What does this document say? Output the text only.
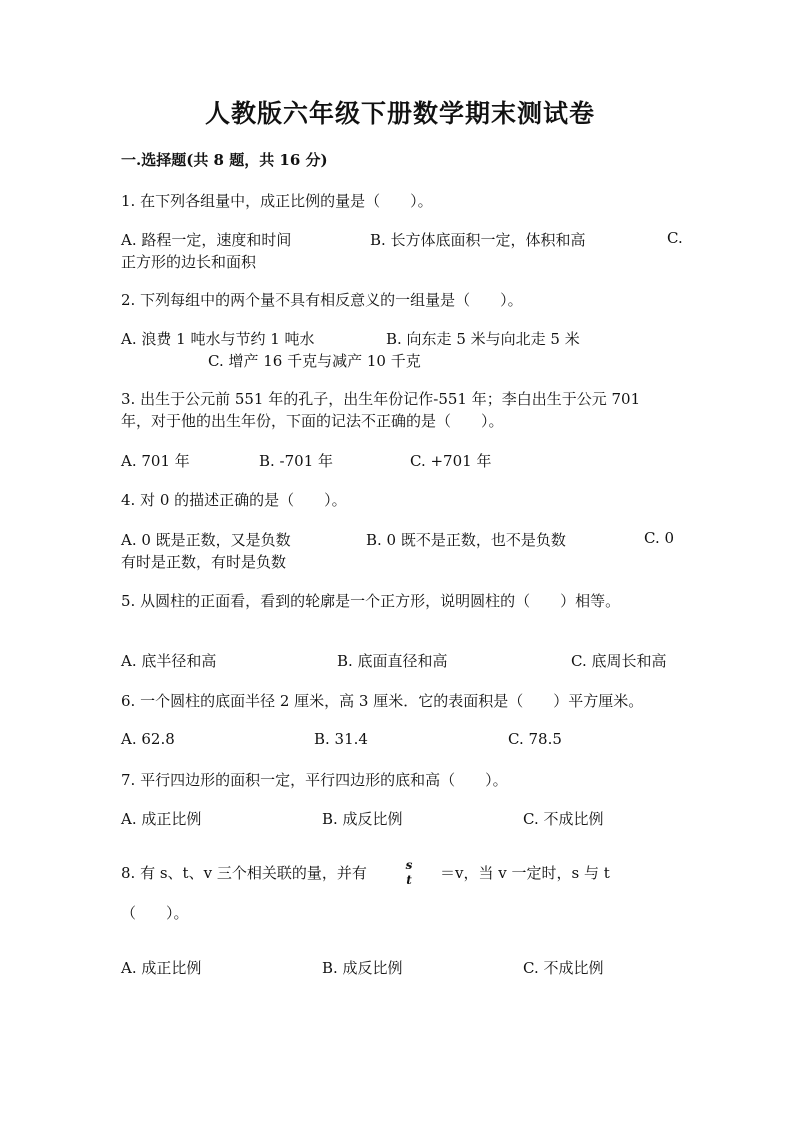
人教版六年级下册数学期末测试卷
一.选择题(共 8 题，共 16 分)
1. 在下列各组量中，成正比例的量是（　　）。
A. 路程一定，速度和时间	B. 长方体底面积一定，体积和高	C.
正方形的边长和面积
2. 下列每组中的两个量不具有相反意义的一组量是（　　）。
A. 浪费 1 吨水与节约 1 吨水	B. 向东走 5 米与向北走 5 米
C. 增产 16 千克与减产 10 千克
3. 出生于公元前 551 年的孔子，出生年份记作-551 年；李白出生于公元 701
年，对于他的出生年份，下面的记法不正确的是（　　）。
A. 701 年	B. -701 年	C. +701 年
4. 对 0 的描述正确的是（　　）。
A. 0 既是正数，又是负数	B. 0 既不是正数，也不是负数	C. 0
有时是正数，有时是负数
5. 从圆柱的正面看，看到的轮廓是一个正方形，说明圆柱的（　　）相等。
A. 底半径和高	B. 底面直径和高	C. 底周长和高
6. 一个圆柱的底面半径 2 厘米，高 3 厘米．它的表面积是（　　）平方厘米。
A. 62.8	B. 31.4	C. 78.5
7. 平行四边形的面积一定，平行四边形的底和高（　　）。
A. 成正比例	B. 成反比例	C. 不成比例
8. 有 s、t、v 三个相关联的量，并有	s
t	＝v，当 v 一定时，s 与 t
（　　）。
A. 成正比例	B. 成反比例	C. 不成比例
